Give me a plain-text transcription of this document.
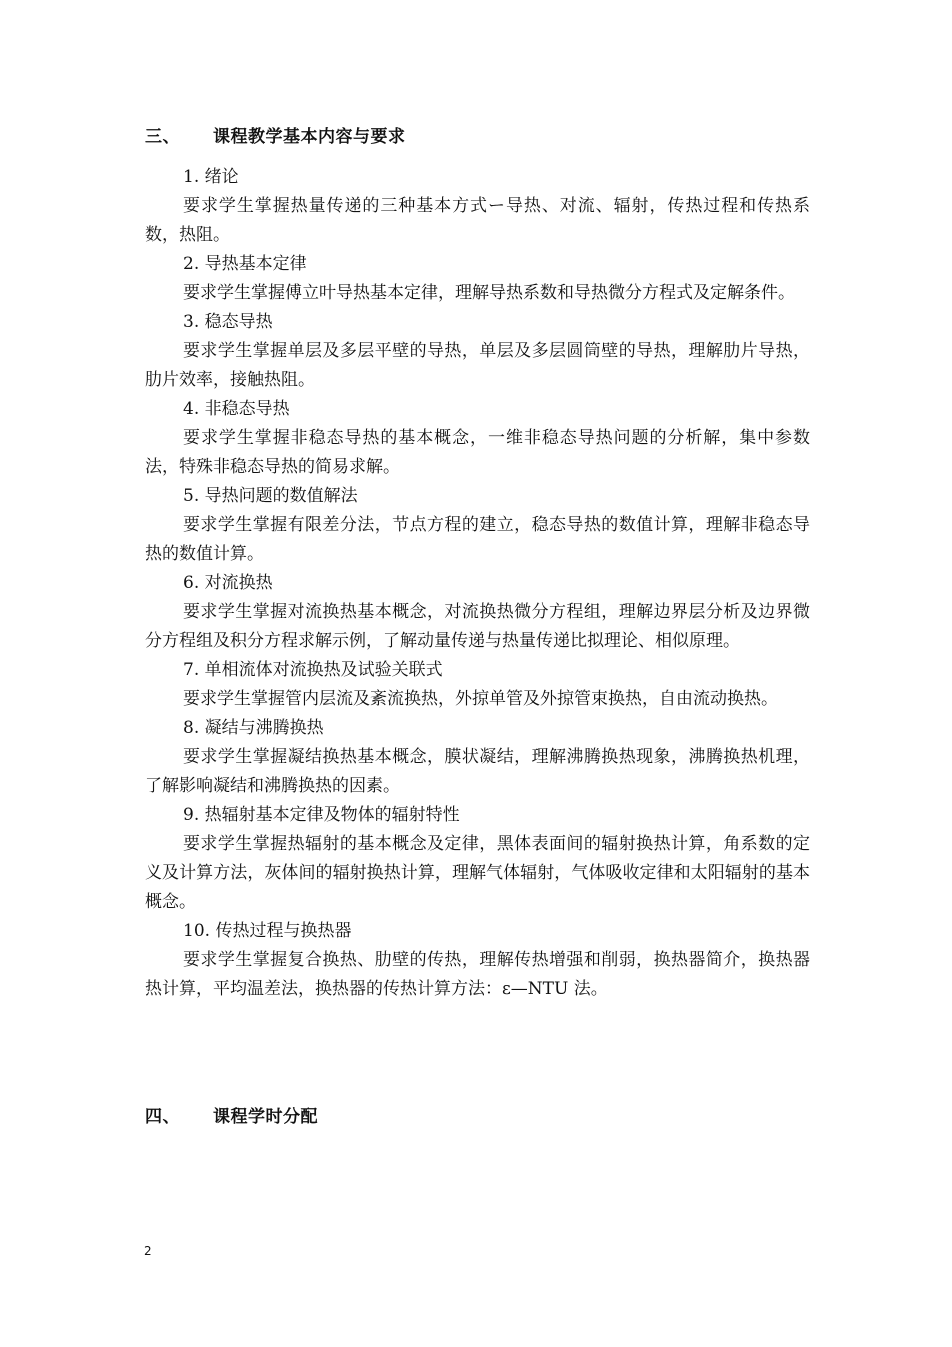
三、 课程教学基本内容与要求
1. 绪论
要求学生掌握热量传递的三种基本方式ー导热、对流、辐射，传热过程和传热系数，热阻。
2. 导热基本定律
要求学生掌握傅立叶导热基本定律，理解导热系数和导热微分方程式及定解条件。
3. 稳态导热
要求学生掌握单层及多层平壁的导热，单层及多层圆筒壁的导热，理解肋片导热，肋片效率，接触热阻。
4. 非稳态导热
要求学生掌握非稳态导热的基本概念，一维非稳态导热问题的分析解，集中参数法，特殊非稳态导热的简易求解。
5. 导热问题的数值解法
要求学生掌握有限差分法，节点方程的建立，稳态导热的数值计算，理解非稳态导热的数值计算。
6. 对流换热
要求学生掌握对流换热基本概念，对流换热微分方程组，理解边界层分析及边界微分方程组及积分方程求解示例，了解动量传递与热量传递比拟理论、相似原理。
7. 单相流体对流换热及试验关联式
要求学生掌握管内层流及紊流换热，外掠单管及外掠管束换热，自由流动换热。
8. 凝结与沸腾换热
要求学生掌握凝结换热基本概念，膜状凝结，理解沸腾换热现象，沸腾换热机理，了解影响凝结和沸腾换热的因素。
9. 热辐射基本定律及物体的辐射特性
要求学生掌握热辐射的基本概念及定律，黑体表面间的辐射换热计算，角系数的定义及计算方法，灰体间的辐射换热计算，理解气体辐射，气体吸收定律和太阳辐射的基本概念。
10. 传热过程与换热器
要求学生掌握复合换热、肋壁的传热，理解传热增强和削弱，换热器简介，换热器热计算，平均温差法，换热器的传热计算方法：ε—NTU 法。
四、 课程学时分配
2
